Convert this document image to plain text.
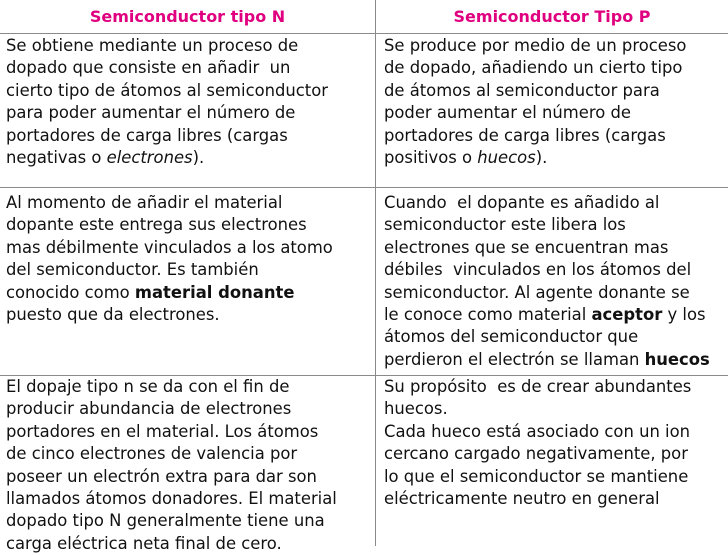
Semiconductor tipo N	Semiconductor Tipo P
Se obtiene mediante un proceso de
dopado que consiste en añadir  un
cierto tipo de átomos al semiconductor
para poder aumentar el número de
portadores de carga libres (cargas
negativas o electrones).
Se produce por medio de un proceso
de dopado, añadiendo un cierto tipo
de átomos al semiconductor para
poder aumentar el número de
portadores de carga libres (cargas
positivos o huecos).
Al momento de añadir el material
dopante este entrega sus electrones
mas débilmente vinculados a los atomo
del semiconductor. Es también
conocido como material donante
puesto que da electrones.
Cuando  el dopante es añadido al
semiconductor este libera los
electrones que se encuentran mas
débiles  vinculados en los átomos del
semiconductor. Al agente donante se
le conoce como material aceptor y los
átomos del semiconductor que
perdieron el electrón se llaman huecos
El dopaje tipo n se da con el fin de
producir abundancia de electrones
portadores en el material. Los átomos
de cinco electrones de valencia por
poseer un electrón extra para dar son
llamados átomos donadores. El material
dopado tipo N generalmente tiene una
carga eléctrica neta final de cero.
Su propósito  es de crear abundantes
huecos.
Cada hueco está asociado con un ion
cercano cargado negativamente, por
lo que el semiconductor se mantiene
eléctricamente neutro en general
